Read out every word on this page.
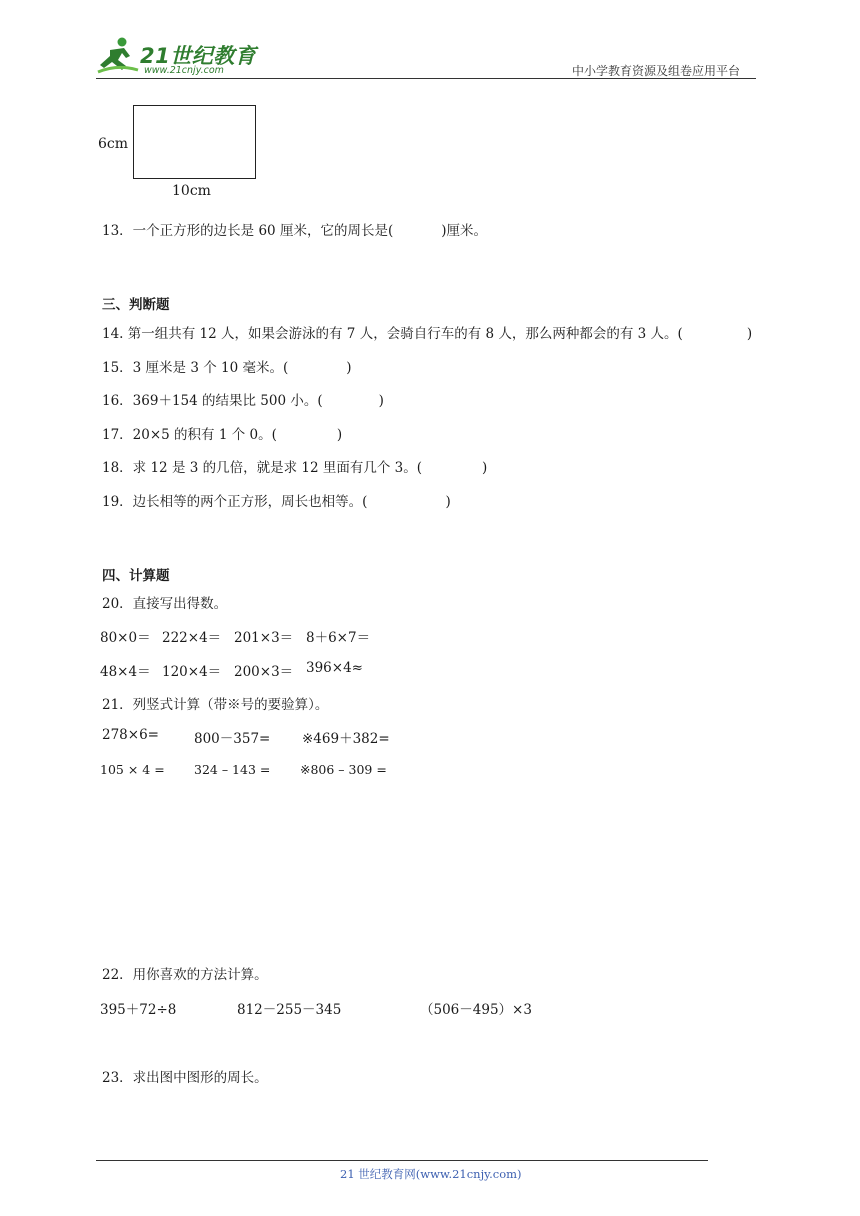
21世纪教育
www.21cnjy.com	中小学教育资源及组卷应用平台
6cm
10cm
13．一个正方形的边长是 60 厘米，它的周长是(	)厘米。
三、判断题
14. 第一组共有 12 人，如果会游泳的有 7 人，会骑自行车的有 8 人，那么两种都会的有 3 人。(	)
15．3 厘米是 3 个 10 毫米。(	)
16．369＋154 的结果比 500 小。(	)
17．20×5 的积有 1 个 0。(	)
18．求 12 是 3 的几倍，就是求 12 里面有几个 3。(	)
19．边长相等的两个正方形，周长也相等。(	)
四、计算题
20．直接写出得数。
80×0＝ 222×4＝ 201×3＝ 8＋6×7＝
48×4＝ 120×4＝ 200×3＝ 396×4≈
21．列竖式计算（带※号的要验算）。
278×6=	800－357= ※469＋382=
105 × 4 = 324 – 143 = ※806 – 309 =
22．用你喜欢的方法计算。
395＋72÷8	812－255－345	（506－495）×3
23．求出图中图形的周长。
21 世纪教育网(www.21cnjy.com)
